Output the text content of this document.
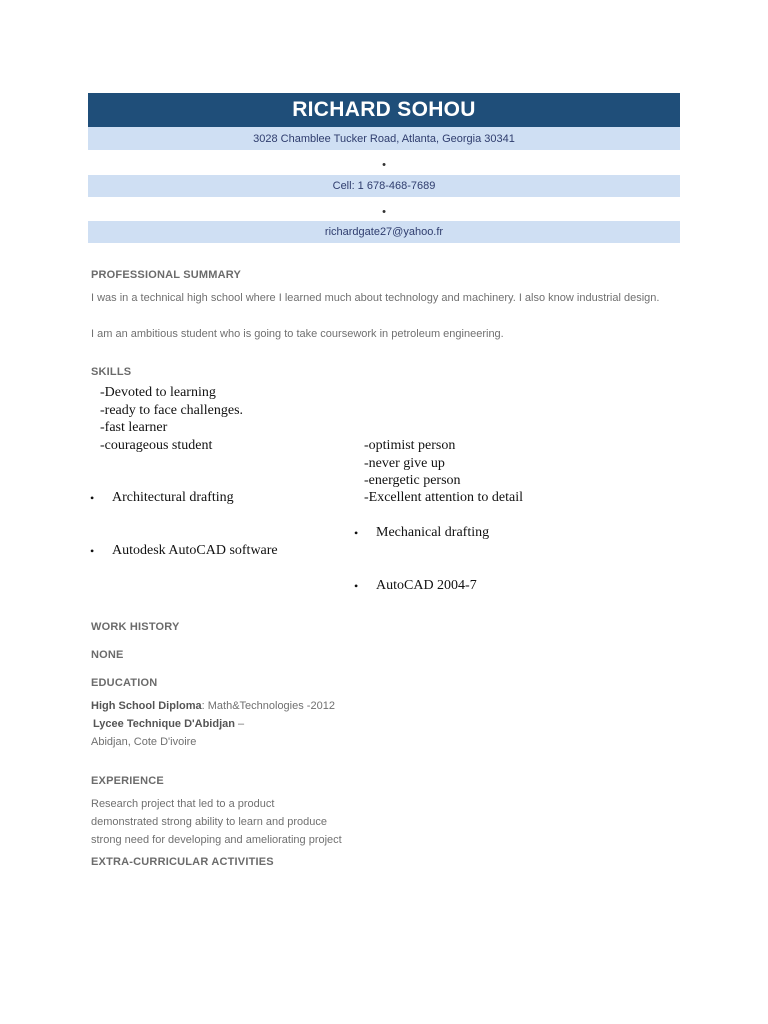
RICHARD SOHOU
3028 Chamblee Tucker Road, Atlanta, Georgia 30341
•
Cell: 1 678-468-7689
•
richardgate27@yahoo.fr
PROFESSIONAL SUMMARY
I was in a technical high school where I learned much about technology and machinery. I also know industrial design.
I am an ambitious student who is going to take coursework in petroleum engineering.
SKILLS
-Devoted to learning
-ready to face challenges.
-fast learner
-courageous student	-optimist person
-never give up
-energetic person
-Excellent attention to detail
• Architectural drafting
• Mechanical drafting
• Autodesk AutoCAD software
• AutoCAD 2004-7
WORK HISTORY
NONE
EDUCATION
High School Diploma: Math&Technologies -2012
Lycee Technique D'Abidjan –
Abidjan, Cote D'ivoire
EXPERIENCE
Research project that led to a product
demonstrated strong ability to learn and produce
strong need for developing and ameliorating project
EXTRA-CURRICULAR ACTIVITIES
